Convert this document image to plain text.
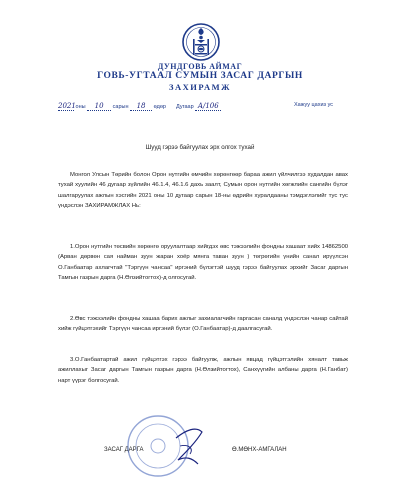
ДУНДГОВЬ АЙМАГ
ГОВЬ-УГТААЛ СУМЫН ЗАСАГ ДАРГЫН
ЗАХИРАМЖ
2021 оны 10 сарын 18 өдөр Дугаар А/106	Хажуу цахиз ус
Шууд гэрээ байгуулах эрх олгох тухай
Монгол Улсын Төрийн болон Орон нутгийн өмчийн хөрөнгөөр бараа ажил үйлчилгээ худалдан авах тухай хуулийн 46 дугаар зүйлийн 46.1.4, 46.1.6 дахь заалт, Сумын орон нутгийн хөгжлийн сангийн бүлэг шалгаруулах ажлын хэсгийн 2021 оны 10 дугаар сарын 18-ны өдрийн хуралдааны тэмдэглэлийг тус тус үндэслэн ЗАХИРАМЖЛАХ Нь:
1.Орон нутгийн төсвийн хөрөнгө оруулалтаар хийгдэх өвс тэжээлийн фондны хашаат хийх 14862500 (Арван дөрвөн сая найман зуун жаран хоёр мянга таван зуун ) төгрөгийн үнийн санал ирүүлсэн О.Ганбаатар ахлагчтай "Тэргүүн чансаа" иргэний бүлэгтэй шууд гэрээ байгуулах эрхийг Засаг даргын Тамгын газрын дарга (Н.Өлзийтогтох)-д олгосугай.
2.Өвс тэжээлийн фондны хашаа барих ажлыг захиалагчийн гаргасан саналд үндэслэн чанар сайтай хийж гүйцэтгэхийг Тэргүүн чансаа иргэний бүлэг (О.Ганбаатар)-д даалгасугай.
3.О.Ганбаатартай ажил гүйцэтгэх гэрээ байгуулж, ажлын явцад гүйцэтгэлийн хяналт тавьж ажиллахыг Засаг даргын Тамгын газрын дарга (Н.Өлзийтогтох), Санхүүгийн албаны дарга (Н.Ганбат) нарт үүрэг болгосугай.
ЗАСАГ ДАРГА	Ө.МӨНХ-АМГАЛАН
